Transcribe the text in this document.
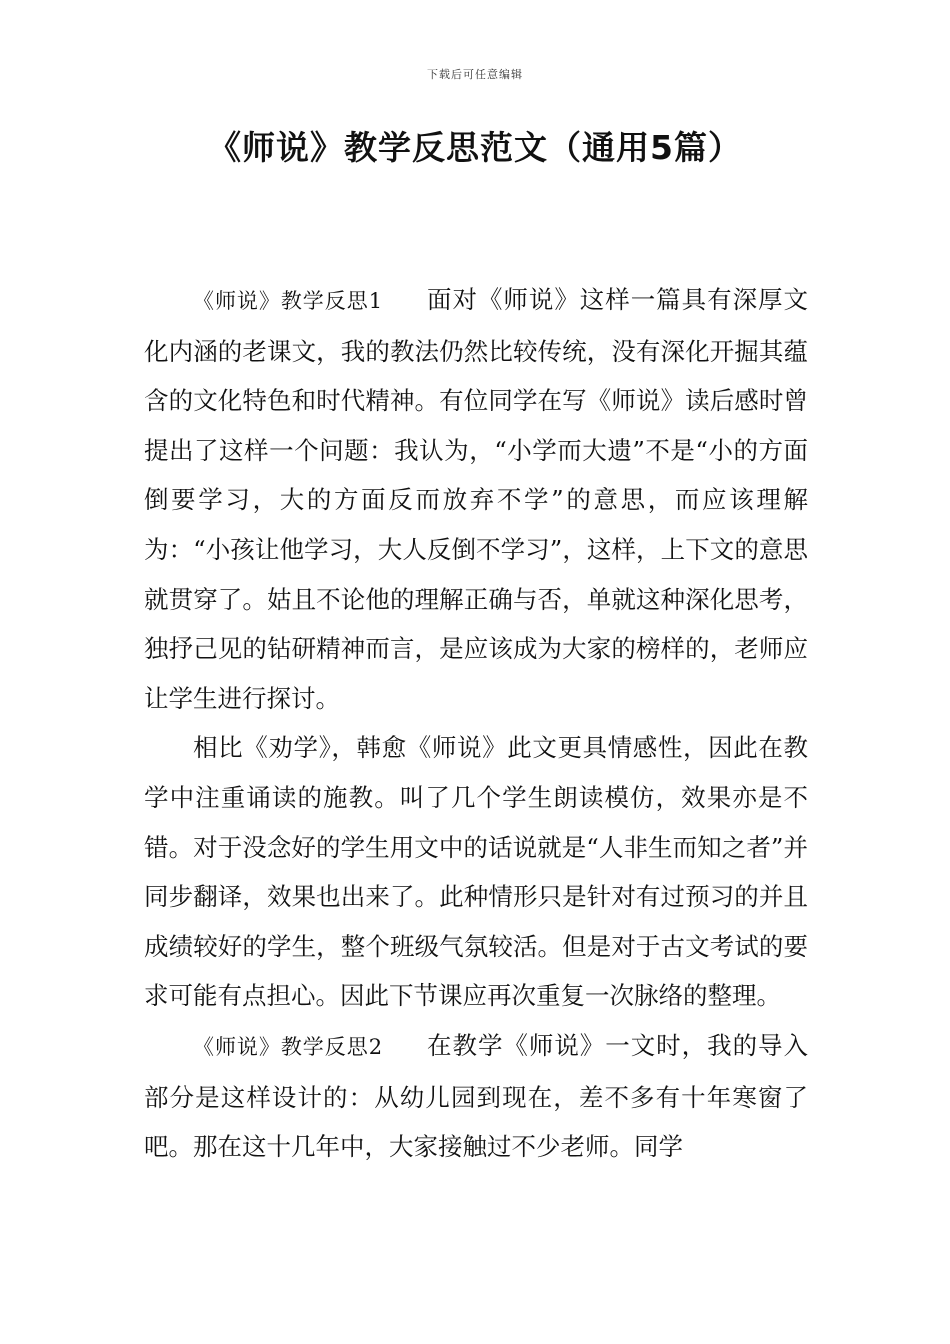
下载后可任意编辑
《师说》教学反思范文（通用5篇）

《师说》教学反思1 面对《师说》这样一篇具有深厚文化内涵的老课文，我的教法仍然比较传统，没有深化开掘其蕴含的文化特色和时代精神。有位同学在写《师说》读后感时曾提出了这样一个问题：我认为，“小学而大遗”不是“小的方面倒要学习，大的方面反而放弃不学”的意思，而应该理解为：“小孩让他学习，大人反倒不学习”，这样，上下文的意思就贯穿了。姑且不论他的理解正确与否，单就这种深化思考，独抒己见的钻研精神而言，是应该成为大家的榜样的，老师应让学生进行探讨。

相比《劝学》，韩愈《师说》此文更具情感性，因此在教学中注重诵读的施教。叫了几个学生朗读模仿，效果亦是不错。对于没念好的学生用文中的话说就是“人非生而知之者”并同步翻译，效果也出来了。此种情形只是针对有过预习的并且成绩较好的学生，整个班级气氛较活。但是对于古文考试的要求可能有点担心。因此下节课应再次重复一次脉络的整理。

《师说》教学反思2 在教学《师说》一文时，我的导入部分是这样设计的：从幼儿园到现在，差不多有十年寒窗了吧。那在这十几年中，大家接触过不少老师。同学
